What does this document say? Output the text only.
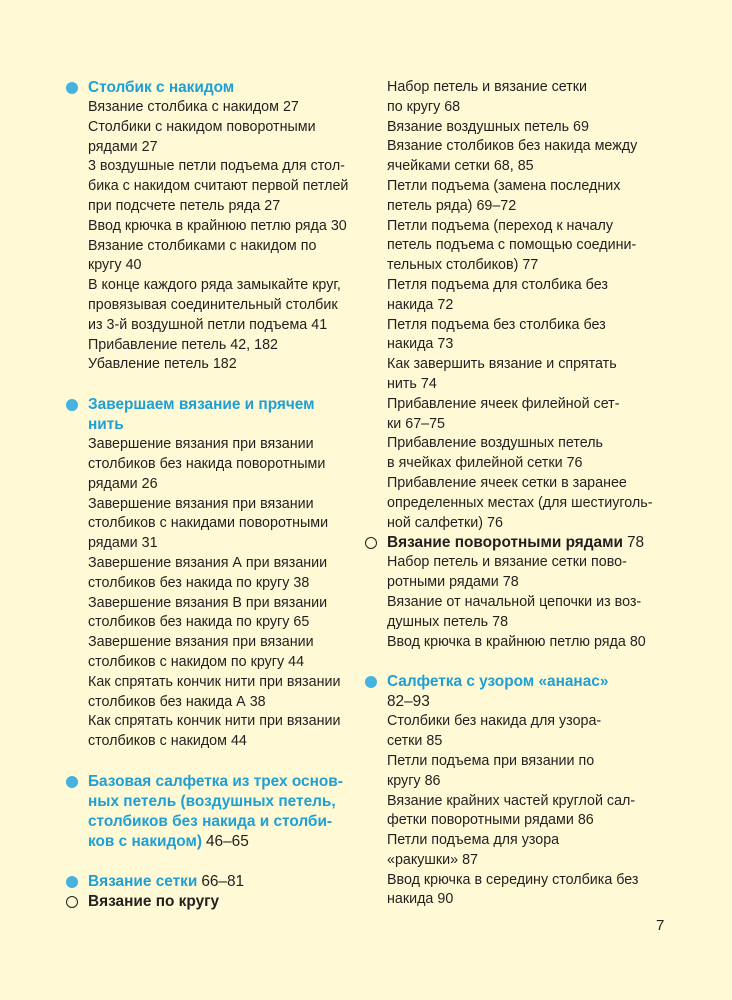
Столбик с накидом
Вязание столбика с накидом 27
Столбики с накидом поворотными
рядами 27
3 воздушные петли подъема для стол-
бика с накидом считают первой петлей
при подсчете петель ряда 27
Ввод крючка в крайнюю петлю ряда 30
Вязание столбиками с накидом по
кругу 40
В конце каждого ряда замыкайте круг,
провязывая соединительный столбик
из 3-й воздушной петли подъема 41
Прибавление петель 42, 182
Убавление петель 182
Завершаем вязание и прячем
нить
Завершение вязания при вязании
столбиков без накида поворотными
рядами 26
Завершение вязания при вязании
столбиков с накидами поворотными
рядами 31
Завершение вязания А при вязании
столбиков без накида по кругу 38
Завершение вязания В при вязании
столбиков без накида по кругу 65
Завершение вязания при вязании
столбиков с накидом по кругу 44
Как спрятать кончик нити при вязании
столбиков без накида А 38
Как спрятать кончик нити при вязании
столбиков с накидом 44
Базовая салфетка из трех основ-
ных петель (воздушных петель,
столбиков без накида и столби-
ков с накидом) 46–65
Вязание сетки 66–81
Вязание по кругу
Набор петель и вязание сетки
по кругу 68
Вязание воздушных петель 69
Вязание столбиков без накида между
ячейками сетки 68, 85
Петли подъема (замена последних
петель ряда) 69–72
Петли подъема (переход к началу
петель подъема с помощью соедини-
тельных столбиков) 77
Петля подъема для столбика без
накида 72
Петля подъема без столбика без
накида 73
Как завершить вязание и спрятать
нить 74
Прибавление ячеек филейной сет-
ки 67–75
Прибавление воздушных петель
в ячейках филейной сетки 76
Прибавление ячеек сетки в заранее
определенных местах (для шестиуголь-
ной салфетки) 76
Вязание поворотными рядами 78
Набор петель и вязание сетки пово-
ротными рядами 78
Вязание от начальной цепочки из воз-
душных петель 78
Ввод крючка в крайнюю петлю ряда 80
Салфетка с узором «ананас»
82–93
Столбики без накида для узора-сетки 85
Петли подъема при вязании по
кругу 86
Вязание крайних частей круглой сал-
фетки поворотными рядами 86
Петли подъема для узора
«ракушки» 87
Ввод крючка в середину столбика без
накида 90
7
